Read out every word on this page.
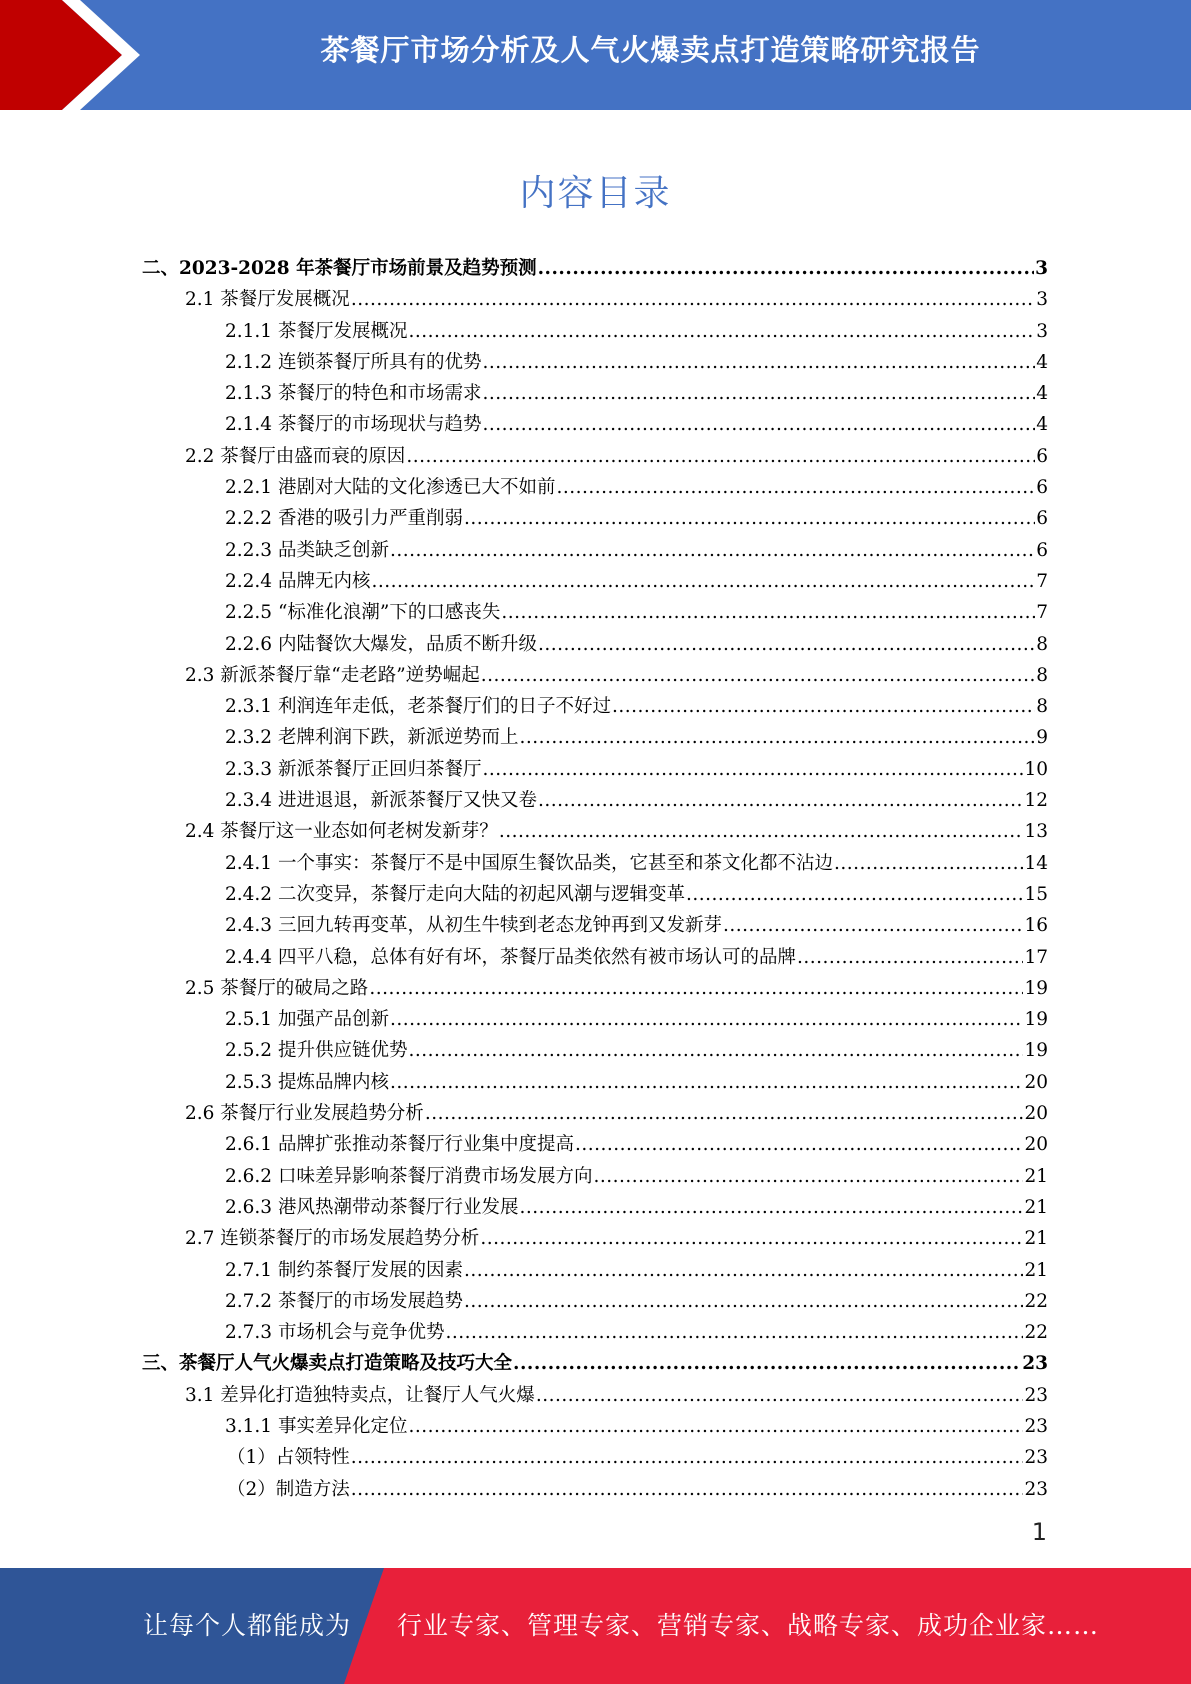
茶餐厅市场分析及人气火爆卖点打造策略研究报告
内容目录
二、2023-2028 年茶餐厅市场前景及趋势预测 .....	3
2.1 茶餐厅发展概况 .....	3
2.1.1 茶餐厅发展概况 .....	3
2.1.2 连锁茶餐厅所具有的优势 .....	4
2.1.3 茶餐厅的特色和市场需求 .....	4
2.1.4 茶餐厅的市场现状与趋势 .....	4
2.2 茶餐厅由盛而衰的原因 .....	6
2.2.1 港剧对大陆的文化渗透已大不如前 .....	6
2.2.2 香港的吸引力严重削弱 .....	6
2.2.3 品类缺乏创新 .....	6
2.2.4 品牌无内核 .....	7
2.2.5 “标准化浪潮”下的口感丧失 .....	7
2.2.6 内陆餐饮大爆发，品质不断升级 .....	8
2.3 新派茶餐厅靠“走老路”逆势崛起 .....	8
2.3.1 利润连年走低，老茶餐厅们的日子不好过 .....	8
2.3.2 老牌利润下跌，新派逆势而上 .....	9
2.3.3 新派茶餐厅正回归茶餐厅 .....	10
2.3.4 进进退退，新派茶餐厅又快又卷 .....	12
2.4 茶餐厅这一业态如何老树发新芽？ .....	13
2.4.1 一个事实：茶餐厅不是中国原生餐饮品类，它甚至和茶文化都不沾边 .....	14
2.4.2 二次变异，茶餐厅走向大陆的初起风潮与逻辑变革 .....	15
2.4.3 三回九转再变革，从初生牛犊到老态龙钟再到又发新芽 .....	16
2.4.4 四平八稳，总体有好有坏，茶餐厅品类依然有被市场认可的品牌 .....	17
2.5 茶餐厅的破局之路 .....	19
2.5.1 加强产品创新 .....	19
2.5.2 提升供应链优势 .....	19
2.5.3 提炼品牌内核 .....	20
2.6 茶餐厅行业发展趋势分析 .....	20
2.6.1 品牌扩张推动茶餐厅行业集中度提高 .....	20
2.6.2 口味差异影响茶餐厅消费市场发展方向 .....	21
2.6.3 港风热潮带动茶餐厅行业发展 .....	21
2.7 连锁茶餐厅的市场发展趋势分析 .....	21
2.7.1 制约茶餐厅发展的因素 .....	21
2.7.2 茶餐厅的市场发展趋势 .....	22
2.7.3 市场机会与竞争优势 .....	22
三、茶餐厅人气火爆卖点打造策略及技巧大全 .....	23
3.1 差异化打造独特卖点，让餐厅人气火爆 .....	23
3.1.1 事实差异化定位 .....	23
（1）占领特性 .....	23
（2）制造方法 .....	23
1
让每个人都能成为 行业专家、管理专家、营销专家、战略专家、成功企业家……
